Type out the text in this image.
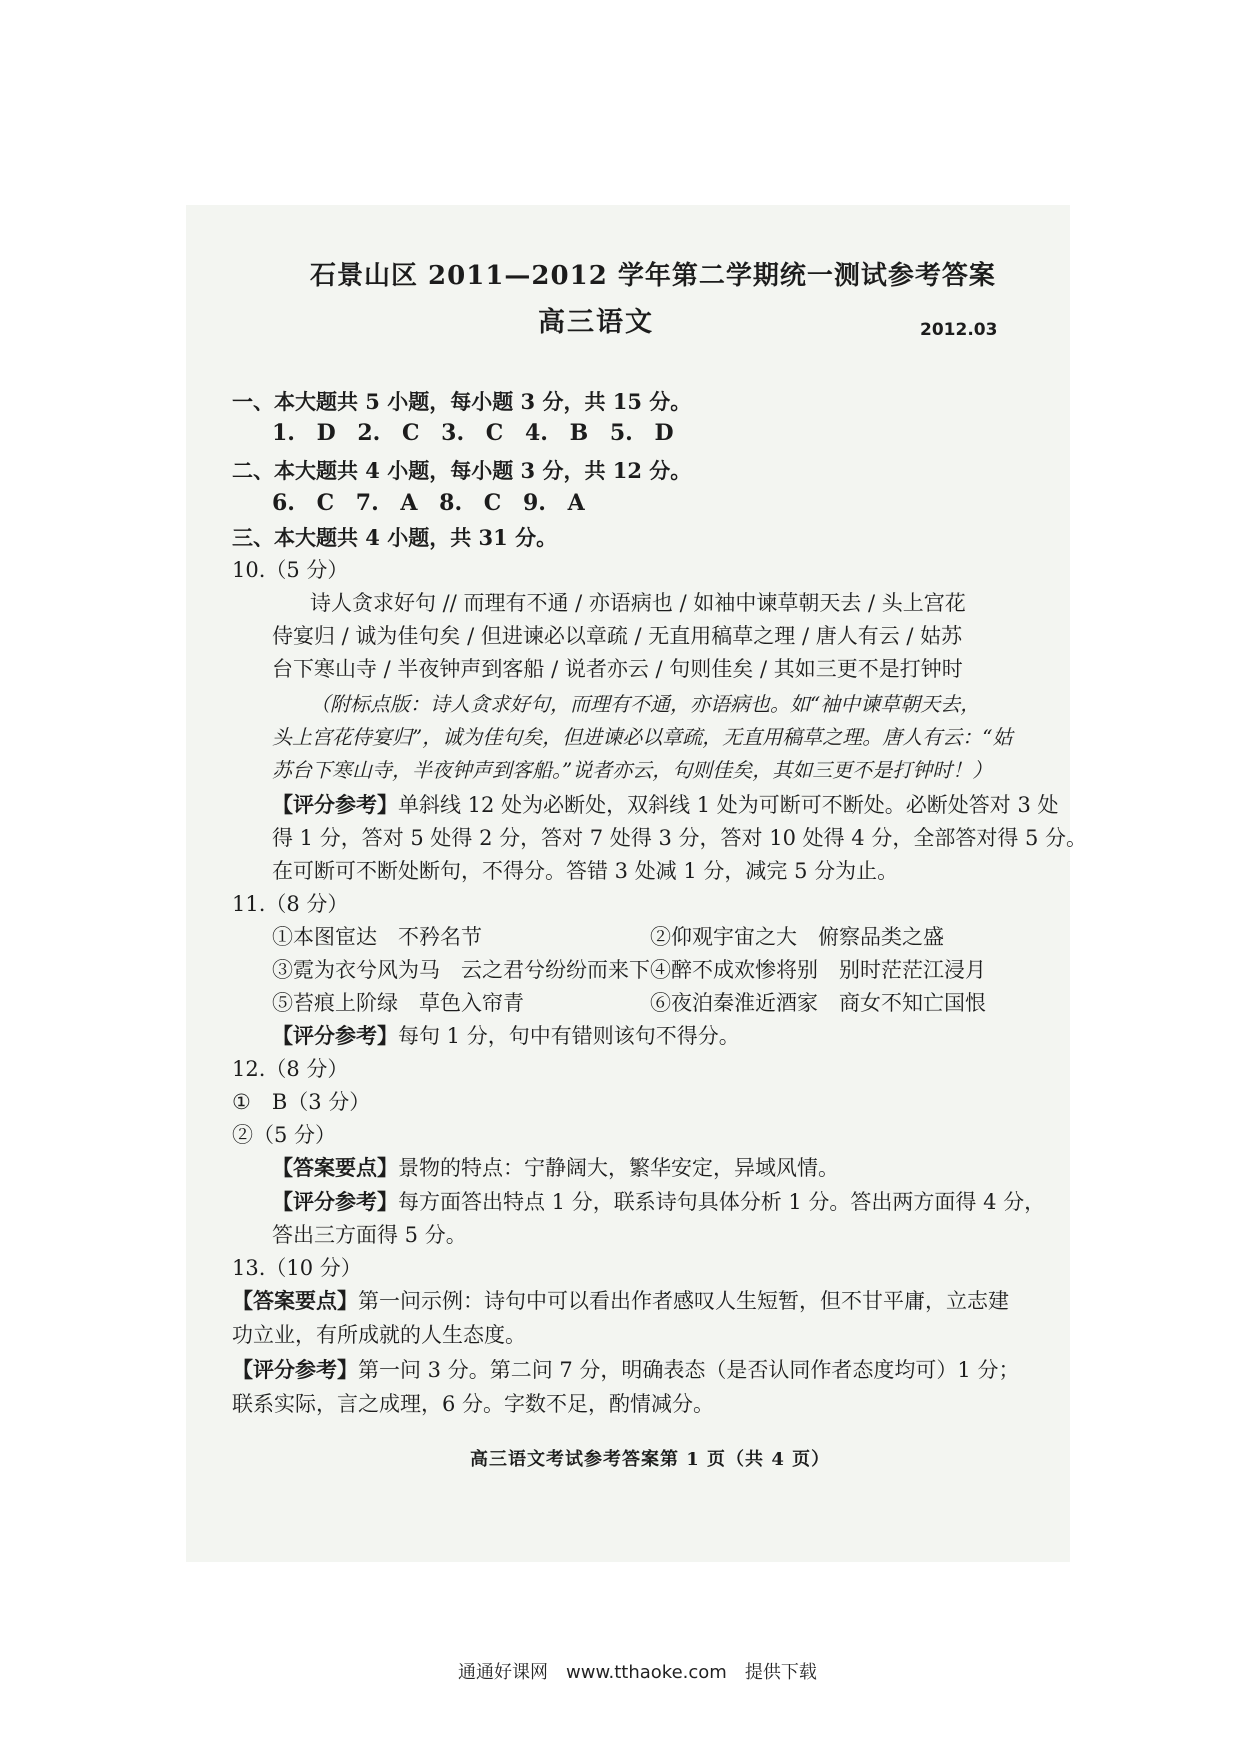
石景山区 2011—2012 学年第二学期统一测试参考答案
高三语文	2012.03
一、本大题共 5 小题，每小题 3 分，共 15 分。
1. D 2. C 3. C 4. B 5. D
二、本大题共 4 小题，每小题 3 分，共 12 分。
6. C 7. A 8. C 9. A
三、本大题共 4 小题，共 31 分。
10.（5 分）
诗人贪求好句 // 而理有不通 / 亦语病也 / 如袖中谏草朝天去 / 头上宫花
侍宴归 / 诚为佳句矣 / 但进谏必以章疏 / 无直用稿草之理 / 唐人有云 / 姑苏
台下寒山寺 / 半夜钟声到客船 / 说者亦云 / 句则佳矣 / 其如三更不是打钟时
（附标点版：诗人贪求好句，而理有不通，亦语病也。如“袖中谏草朝天去，
头上宫花侍宴归”，诚为佳句矣，但进谏必以章疏，无直用稿草之理。唐人有云：“姑
苏台下寒山寺，半夜钟声到客船。”说者亦云，句则佳矣，其如三更不是打钟时！）
【评分参考】单斜线 12 处为必断处，双斜线 1 处为可断可不断处。必断处答对 3 处
得 1 分，答对 5 处得 2 分，答对 7 处得 3 分，答对 10 处得 4 分，全部答对得 5 分。
在可断可不断处断句，不得分。答错 3 处减 1 分，减完 5 分为止。
11.（8 分）
①本图宦达　不矜名节	②仰观宇宙之大　俯察品类之盛
③霓为衣兮风为马　云之君兮纷纷而来下 ④醉不成欢惨将别　别时茫茫江浸月
⑤苔痕上阶绿　草色入帘青	⑥夜泊秦淮近酒家　商女不知亡国恨
【评分参考】每句 1 分，句中有错则该句不得分。
12.（8 分）
①　B（3 分）
②（5 分）
【答案要点】景物的特点：宁静阔大，繁华安定，异域风情。
【评分参考】每方面答出特点 1 分，联系诗句具体分析 1 分。答出两方面得 4 分，
答出三方面得 5 分。
13.（10 分）
【答案要点】第一问示例：诗句中可以看出作者感叹人生短暂，但不甘平庸，立志建
功立业，有所成就的人生态度。
【评分参考】第一问 3 分。第二问 7 分，明确表态（是否认同作者态度均可）1 分；
联系实际，言之成理，6 分。字数不足，酌情减分。
高三语文考试参考答案第 1 页（共 4 页）
通通好课网　www.tthaoke.com　提供下载
